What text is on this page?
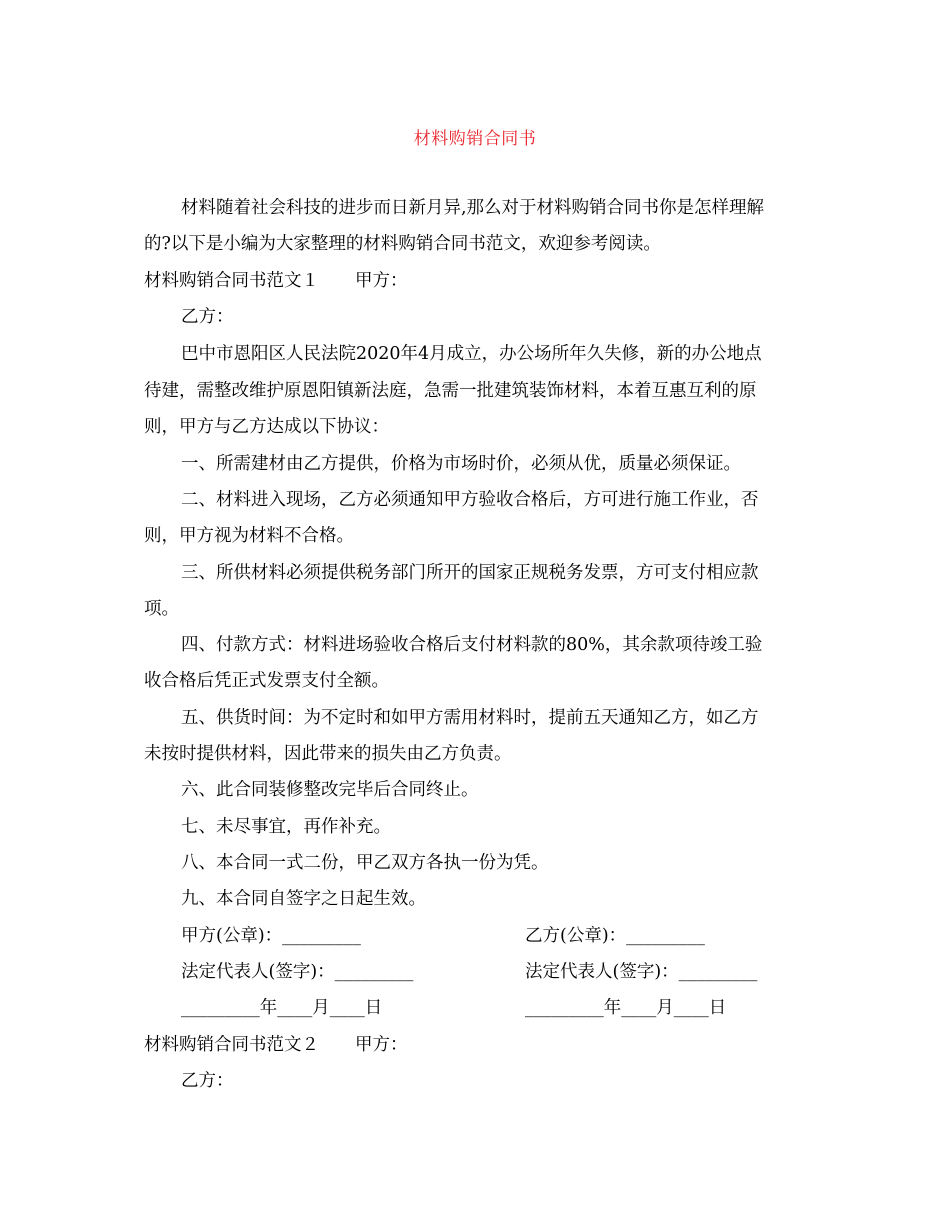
材料购销合同书
材料随着社会科技的进步而日新月异,那么对于材料购销合同书你是怎样理解
的?以下是小编为大家整理的材料购销合同书范文，欢迎参考阅读。
材料购销合同书范文１ 甲方：
乙方：
巴中市恩阳区人民法院2020年4月成立，办公场所年久失修，新的办公地点
待建，需整改维护原恩阳镇新法庭，急需一批建筑装饰材料，本着互惠互利的原
则，甲方与乙方达成以下协议：
一、所需建材由乙方提供，价格为市场时价，必须从优，质量必须保证。
二、材料进入现场，乙方必须通知甲方验收合格后，方可进行施工作业，否
则，甲方视为材料不合格。
三、所供材料必须提供税务部门所开的国家正规税务发票，方可支付相应款
项。
四、付款方式：材料进场验收合格后支付材料款的80%，其余款项待竣工验
收合格后凭正式发票支付全额。
五、供货时间：为不定时和如甲方需用材料时，提前五天通知乙方，如乙方
未按时提供材料，因此带来的损失由乙方负责。
六、此合同装修整改完毕后合同终止。
七、未尽事宜，再作补充。
八、本合同一式二份，甲乙双方各执一份为凭。
九、本合同自签字之日起生效。
甲方(公章)：_________	乙方(公章)：_________
法定代表人(签字)：_________	法定代表人(签字)：_________
_________年____月____日	_________年____月____日
材料购销合同书范文２ 甲方：
乙方：
